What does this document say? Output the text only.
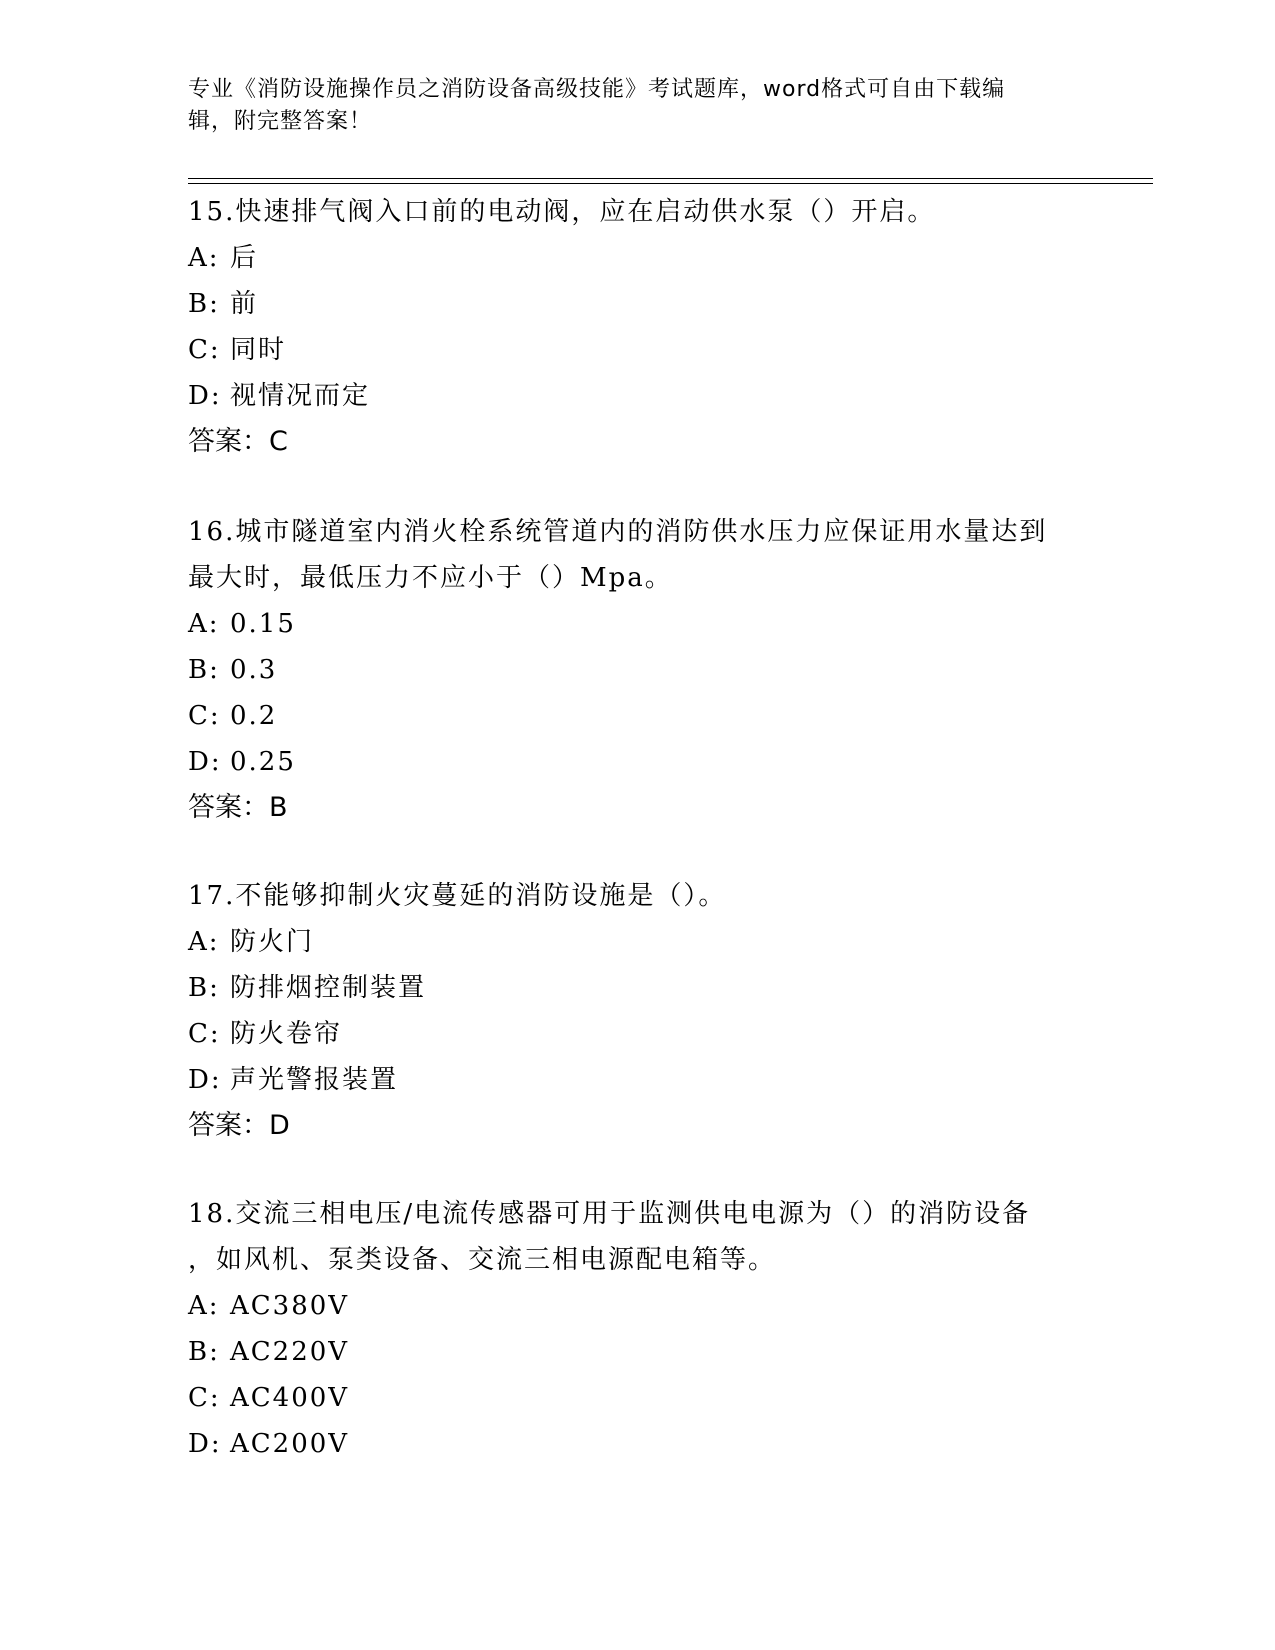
专业《消防设施操作员之消防设备高级技能》考试题库，word格式可自由下载编
辑，附完整答案！

15.快速排气阀入口前的电动阀，应在启动供水泵（）开启。

A: 后

B: 前

C: 同时

D: 视情况而定

答案：C

16.城市隧道室内消火栓系统管道内的消防供水压力应保证用水量达到

最大时，最低压力不应小于（）Mpa。

A: 0.15

B: 0.3

C: 0.2

D: 0.25

答案：B

17.不能够抑制火灾蔓延的消防设施是（）。

A: 防火门

B: 防排烟控制装置

C: 防火卷帘

D: 声光警报装置

答案：D

18.交流三相电压/电流传感器可用于监测供电电源为（）的消防设备

，如风机、泵类设备、交流三相电源配电箱等。

A: AC380V

B: AC220V

C: AC400V

D: AC200V
